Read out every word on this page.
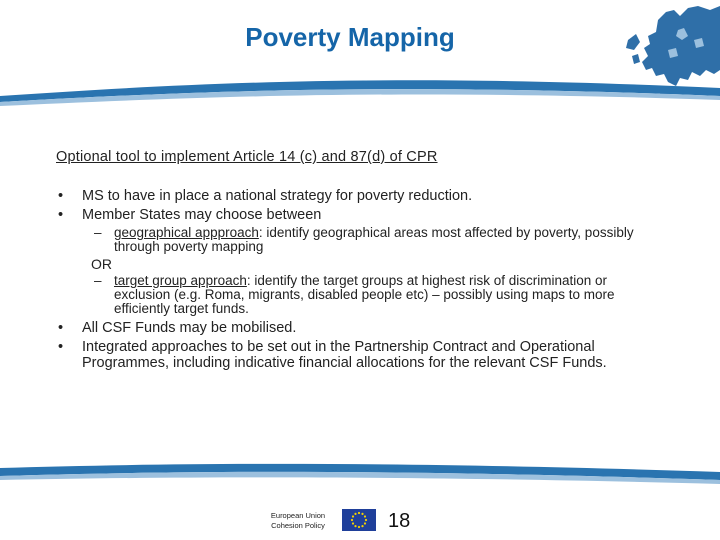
Poverty Mapping
Optional tool to implement Article 14 (c) and 87(d) of CPR
• MS to have in place a national strategy for poverty reduction.
• Member States may choose between
– geographical appproach: identify geographical areas most affected by poverty, possibly through poverty mapping
OR
– target group approach: identify the target groups at highest risk of discrimination or exclusion (e.g. Roma, migrants, disabled people etc) – possibly using maps to more efficiently target funds.
• All CSF Funds may be mobilised.
• Integrated approaches to be set out in the Partnership Contract and Operational Programmes, including indicative financial allocations for the relevant CSF Funds.
European Union
Cohesion Policy	18
